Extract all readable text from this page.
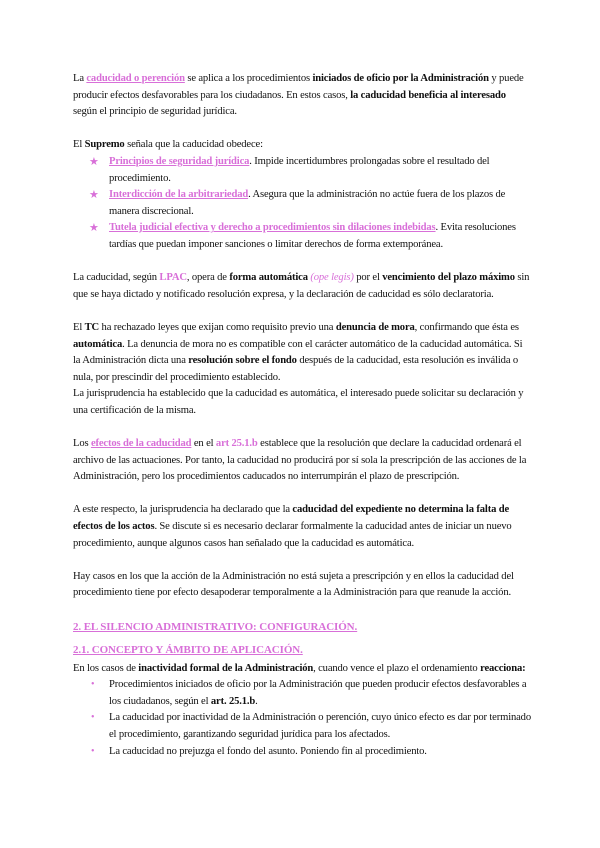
La caducidad o perención se aplica a los procedimientos iniciados de oficio por la Administración y puede producir efectos desfavorables para los ciudadanos. En estos casos, la caducidad beneficia al interesado según el principio de seguridad jurídica.

El Supremo señala que la caducidad obedece:

★ Principios de seguridad jurídica. Impide incertidumbres prolongadas sobre el resultado del procedimiento.
★ Interdicción de la arbitrariedad. Asegura que la administración no actúe fuera de los plazos de manera discrecional.
★ Tutela judicial efectiva y derecho a procedimientos sin dilaciones indebidas. Evita resoluciones tardías que puedan imponer sanciones o limitar derechos de forma extemporánea.

La caducidad, según LPAC, opera de forma automática (ope legis) por el vencimiento del plazo máximo sin que se haya dictado y notificado resolución expresa, y la declaración de caducidad es sólo declaratoria.

El TC ha rechazado leyes que exijan como requisito previo una denuncia de mora, confirmando que ésta es automática. La denuncia de mora no es compatible con el carácter automático de la caducidad automática. Si la Administración dicta una resolución sobre el fondo después de la caducidad, esta resolución es inválida o nula, por prescindir del procedimiento establecido.

La jurisprudencia ha establecido que la caducidad es automática, el interesado puede solicitar su declaración y una certificación de la misma.

Los efectos de la caducidad en el art 25.1.b establece que la resolución que declare la caducidad ordenará el archivo de las actuaciones. Por tanto, la caducidad no producirá por sí sola la prescripción de las acciones de la Administración, pero los procedimientos caducados no interrumpirán el plazo de prescripción.

A este respecto, la jurisprudencia ha declarado que la caducidad del expediente no determina la falta de efectos de los actos. Se discute si es necesario declarar formalmente la caducidad antes de iniciar un nuevo procedimiento, aunque algunos casos han señalado que la caducidad es automática.

Hay casos en los que la acción de la Administración no está sujeta a prescripción y en ellos la caducidad del procedimiento tiene por efecto desapoderar temporalmente a la Administración para que reanude la acción.

2. EL SILENCIO ADMINISTRATIVO: CONFIGURACIÓN.
2.1. CONCEPTO Y ÁMBITO DE APLICACIÓN.

En los casos de inactividad formal de la Administración, cuando vence el plazo el ordenamiento reacciona:

• Procedimientos iniciados de oficio por la Administración que pueden producir efectos desfavorables a los ciudadanos, según el art. 25.1.b.
• La caducidad por inactividad de la Administración o perención, cuyo único efecto es dar por terminado el procedimiento, garantizando seguridad jurídica para los afectados.
• La caducidad no prejuzga el fondo del asunto. Poniendo fin al procedimiento.
